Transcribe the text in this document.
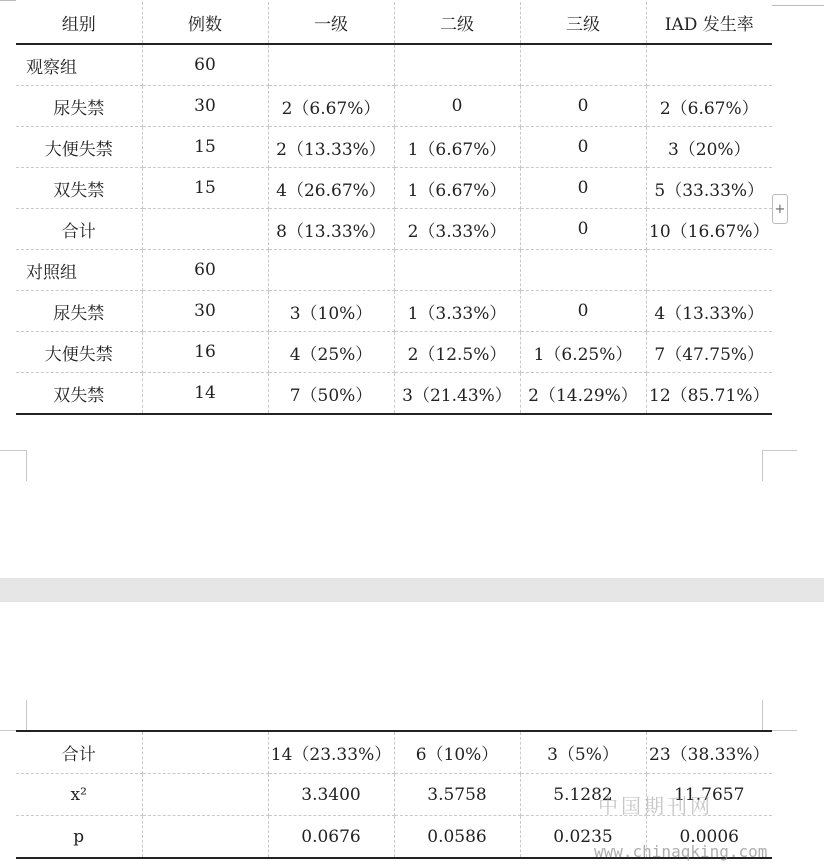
组别	例数	一级	二级	三级	IAD 发生率
观察组	60				
尿失禁	30	2（6.67%）	0	0	2（6.67%）
大便失禁	15	2（13.33%）	1（6.67%）	0	3（20%）
双失禁	15	4（26.67%）	1（6.67%）	0	5（33.33%）
合计		8（13.33%）	2（3.33%）	0	10（16.67%）
对照组	60				
尿失禁	30	3（10%）	1（3.33%）	0	4（13.33%）
大便失禁	16	4（25%）	2（12.5%）	1（6.25%）	7（47.75%）
双失禁	14	7（50%）	3（21.43%）	2（14.29%）	12（85.71%）
+
合计		14（23.33%）	6（10%）	3（5%）	23（38.33%）
x²		3.3400	3.5758	5.1282	11.7657
p		0.0676	0.0586	0.0235	0.0006
中国期刊网
www.chinaqking.com
